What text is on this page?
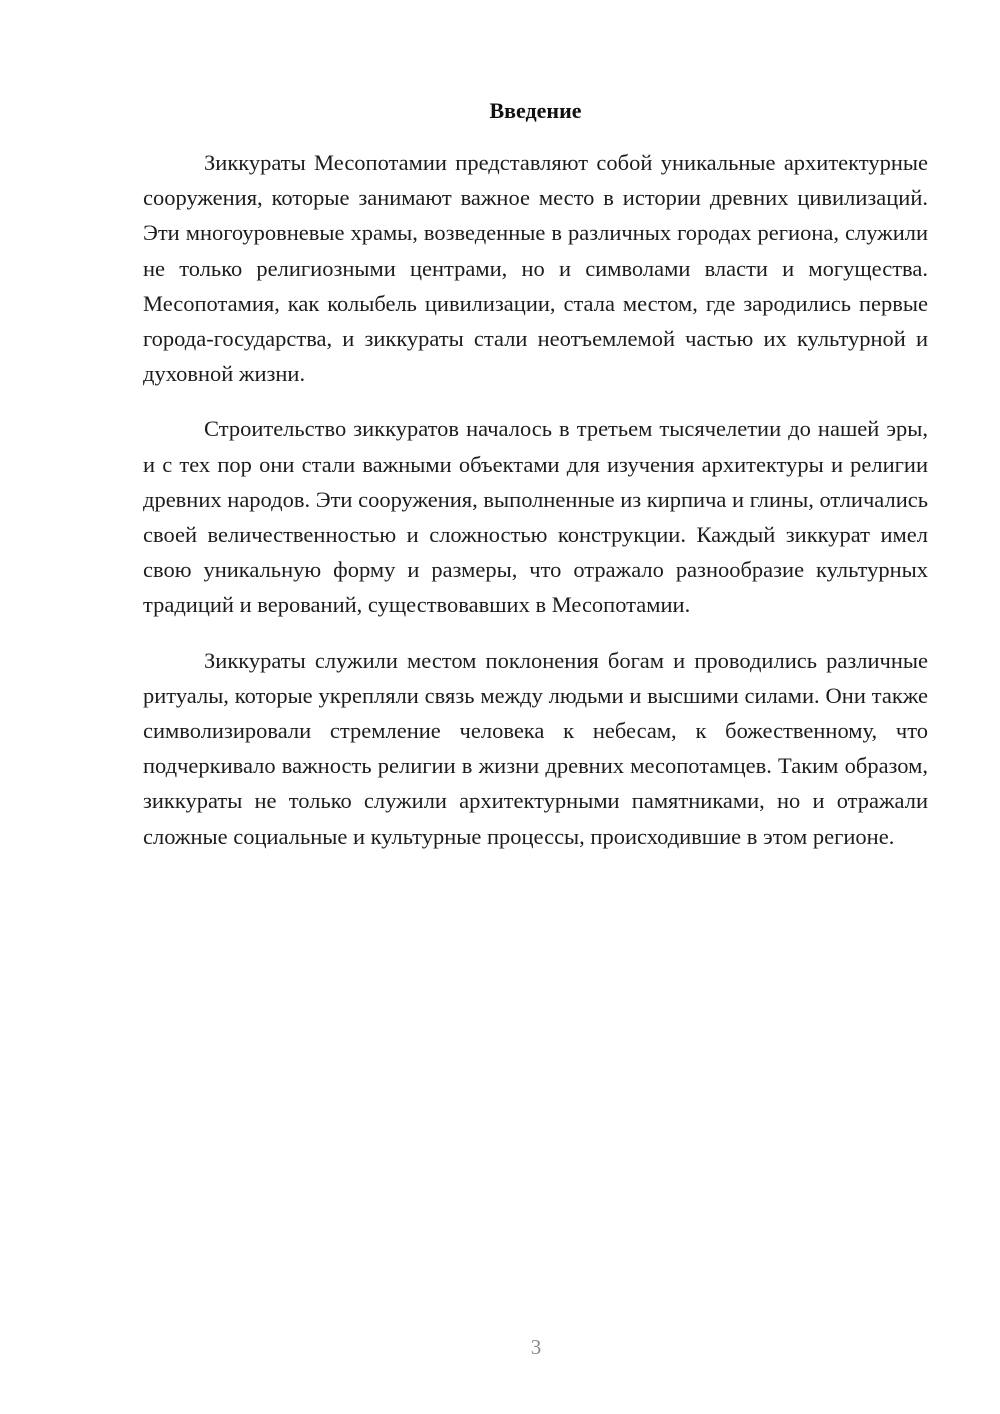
Введение

Зиккураты Месопотамии представляют собой уникальные архитектурные сооружения, которые занимают важное место в истории древних цивилизаций. Эти многоуровневые храмы, возведенные в различных городах региона, служили не только религиозными центрами, но и символами власти и могущества. Месопотамия, как колыбель цивилизации, стала местом, где зародились первые города-государства, и зиккураты стали неотъемлемой частью их культурной и духовной жизни.

Строительство зиккуратов началось в третьем тысячелетии до нашей эры, и с тех пор они стали важными объектами для изучения архитектуры и религии древних народов. Эти сооружения, выполненные из кирпича и глины, отличались своей величественностью и сложностью конструкции. Каждый зиккурат имел свою уникальную форму и размеры, что отражало разнообразие культурных традиций и верований, существовавших в Месопотамии.

Зиккураты служили местом поклонения богам и проводились различные ритуалы, которые укрепляли связь между людьми и высшими силами. Они также символизировали стремление человека к небесам, к божественному, что подчеркивало важность религии в жизни древних месопотамцев. Таким образом, зиккураты не только служили архитектурными памятниками, но и отражали сложные социальные и культурные процессы, происходившие в этом регионе.

3
